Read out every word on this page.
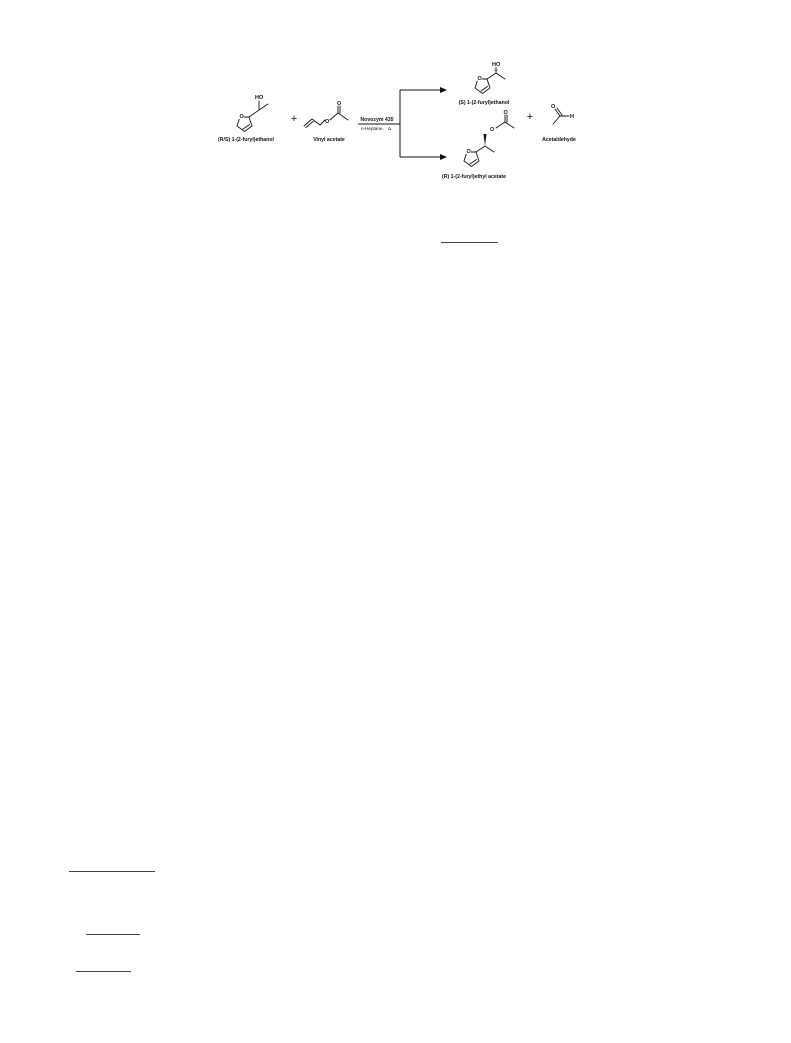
O
HO
(R/S) 1-(2-furyl)ethanol
+	O
O
Vinyl acetate
Novozym 435
n-Heptane, Δ
O
HO
(S) 1-(2-furyl)ethanol
+
O
H
Acetaldehyde
O
O
O
(R) 1-(2-furyl)ethyl acetate
